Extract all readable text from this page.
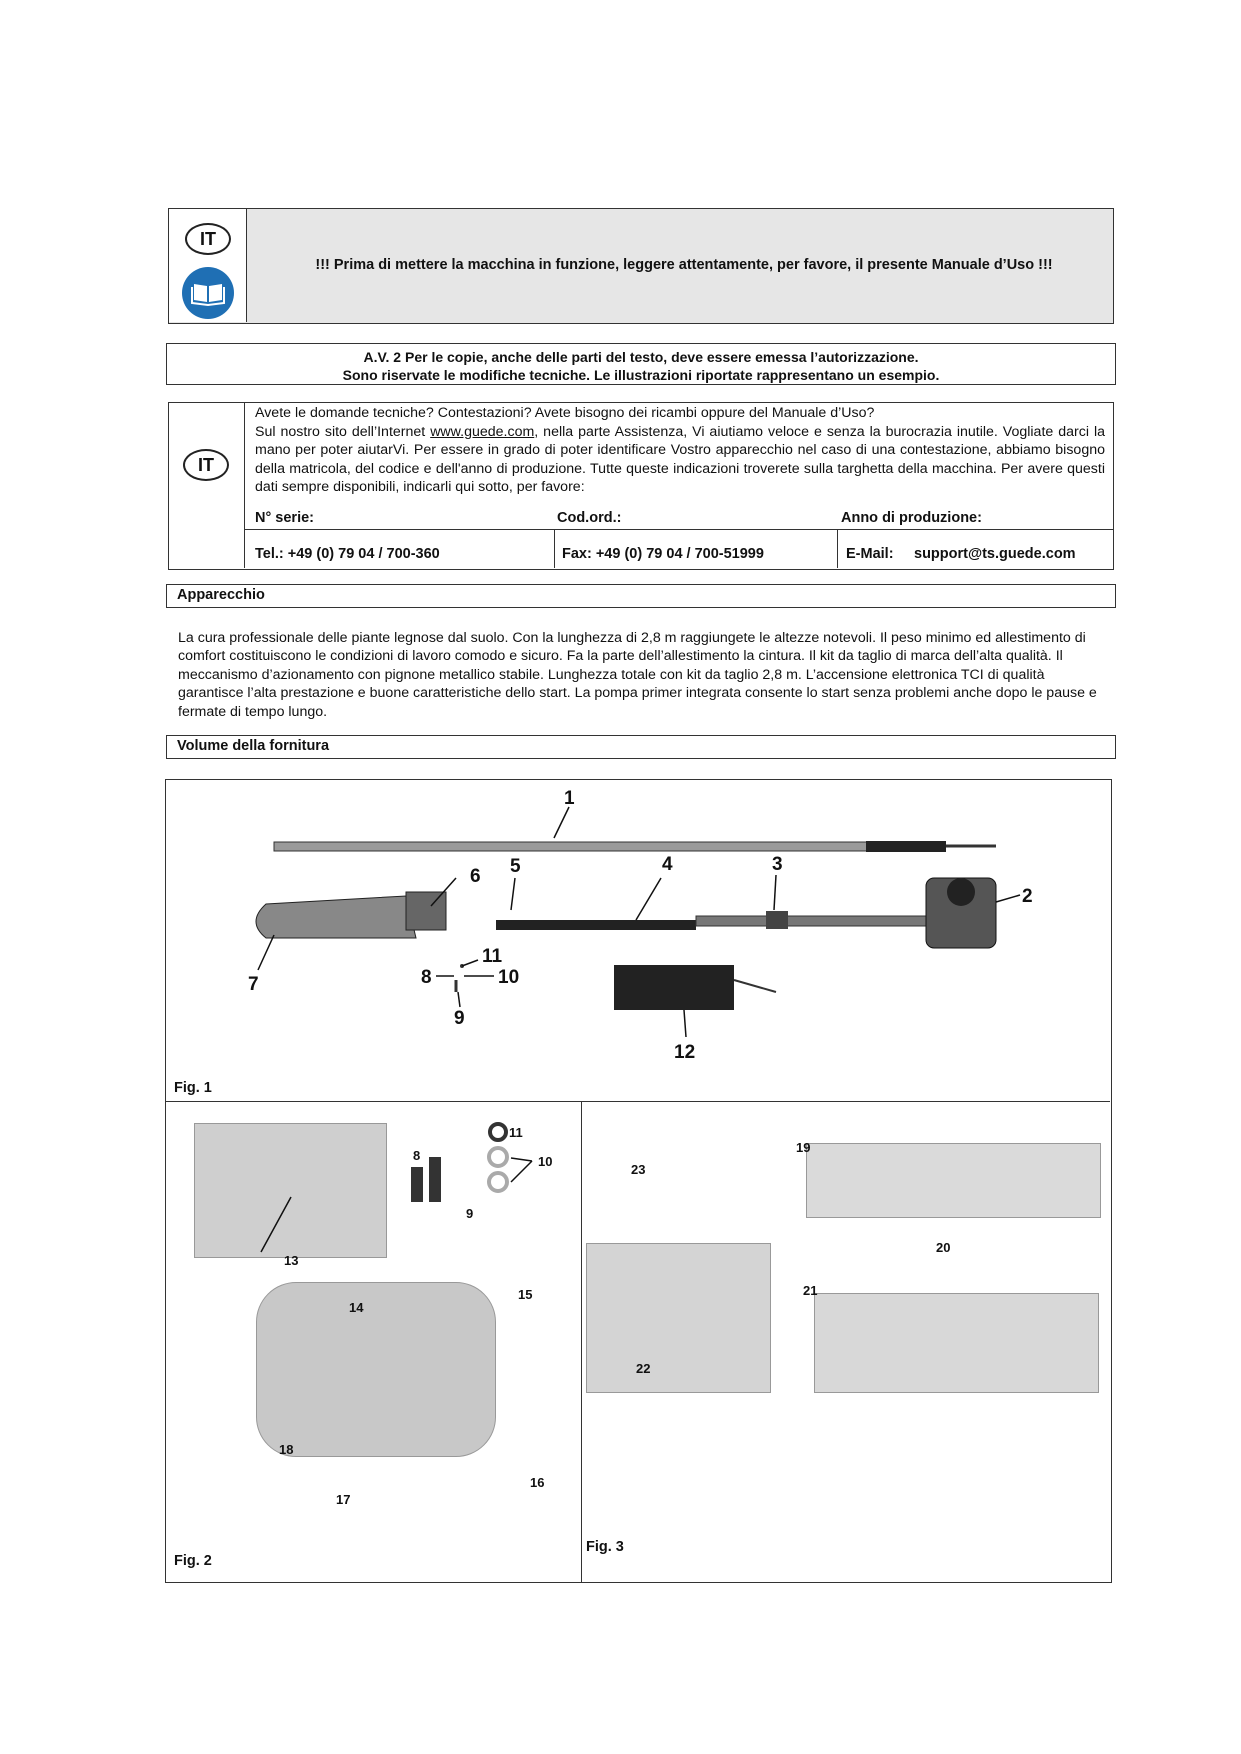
IT
!!! Prima di mettere la macchina in funzione, leggere attentamente, per favore, il presente Manuale d’Uso !!!
A.V. 2 Per le copie, anche delle parti del testo, deve essere emessa l’autorizzazione.
Sono riservate le modifiche tecniche. Le illustrazioni riportate rappresentano un esempio.
IT

Avete le domande tecniche? Contestazioni? Avete bisogno dei ricambi oppure del Manuale d’Uso?

Sul nostro sito dell’Internet www.guede.com, nella parte Assistenza, Vi aiutiamo veloce e senza la burocrazia inutile. Vogliate darci la mano per poter aiutarVi. Per essere in grado di poter identificare Vostro apparecchio nel caso di una contestazione, abbiamo bisogno della matricola, del codice e dell'anno di produzione. Tutte queste indicazioni troverete sulla targhetta della macchina. Per avere questi dati sempre disponibili, indicarli qui sotto, per favore:

N° serie:	Cod.ord.:	Anno di produzione:
Tel.: +49 (0) 79 04 / 700-360	Fax: +49 (0) 79 04 / 700-51999	E-Mail: support@ts.guede.com
Apparecchio
La cura professionale delle piante legnose dal suolo. Con la lunghezza di 2,8 m raggiungete le altezze notevoli. Il peso minimo ed allestimento di comfort costituiscono le condizioni di lavoro comodo e sicuro. Fa la parte dell’allestimento la cintura. Il kit da taglio di marca dell’alta qualità. Il meccanismo d’azionamento con pignone metallico stabile. Lunghezza totale con kit da taglio 2,8 m. L’accensione elettronica TCI di qualità garantisce l’alta prestazione e buone caratteristiche dello start. La pompa primer integrata consente lo start senza problemi anche dopo le pause e fermate di tempo lungo.
Volume della fornitura
1
2
3
4
5
6
7	8
9
10
11
12
Fig. 1
11
8	10
9
13
14
15
16
17
18
Fig. 2
19
20
21
22
23
Fig. 3
